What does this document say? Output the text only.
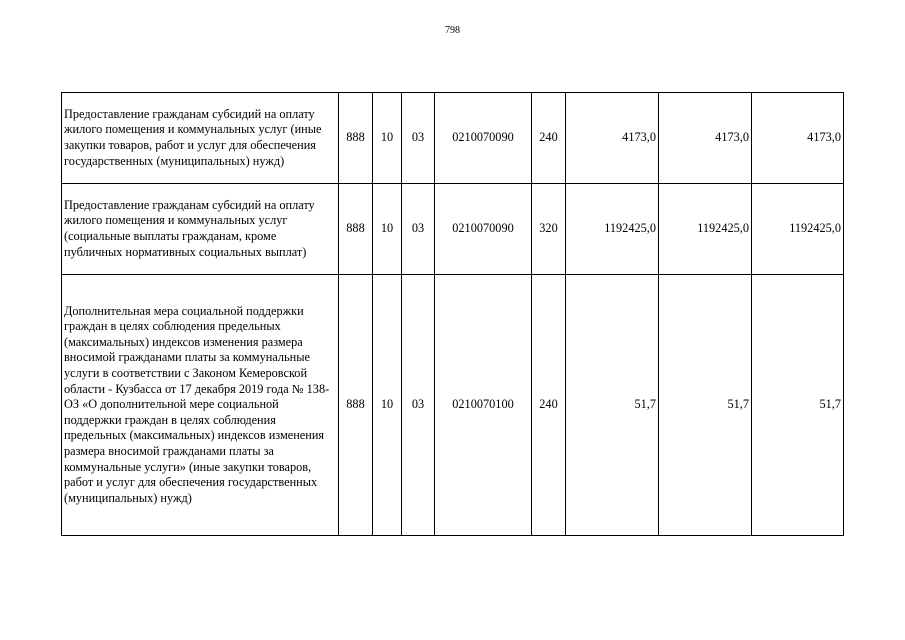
798
Предоставление гражданам субсидий на оплату жилого помещения и коммунальных услуг (иные закупки товаров, работ и услуг для обеспечения государственных (муниципальных) нужд)	888	10	03	0210070090	240	4173,0	4173,0	4173,0
Предоставление гражданам субсидий на оплату жилого помещения и коммунальных услуг (социальные выплаты гражданам, кроме публичных нормативных социальных выплат)	888	10	03	0210070090	320	1192425,0	1192425,0	1192425,0
Дополнительная мера социальной поддержки граждан в целях соблюдения предельных (максимальных) индексов изменения размера вносимой гражданами платы за коммунальные услуги в соответствии с Законом Кемеровской области - Кузбасса от 17 декабря 2019 года № 138-ОЗ «О дополнительной мере социальной поддержки граждан в целях соблюдения предельных (максимальных) индексов изменения размера вносимой гражданами платы за коммунальные услуги» (иные закупки товаров, работ и услуг для обеспечения государственных (муниципальных) нужд)	888	10	03	0210070100	240	51,7	51,7	51,7
